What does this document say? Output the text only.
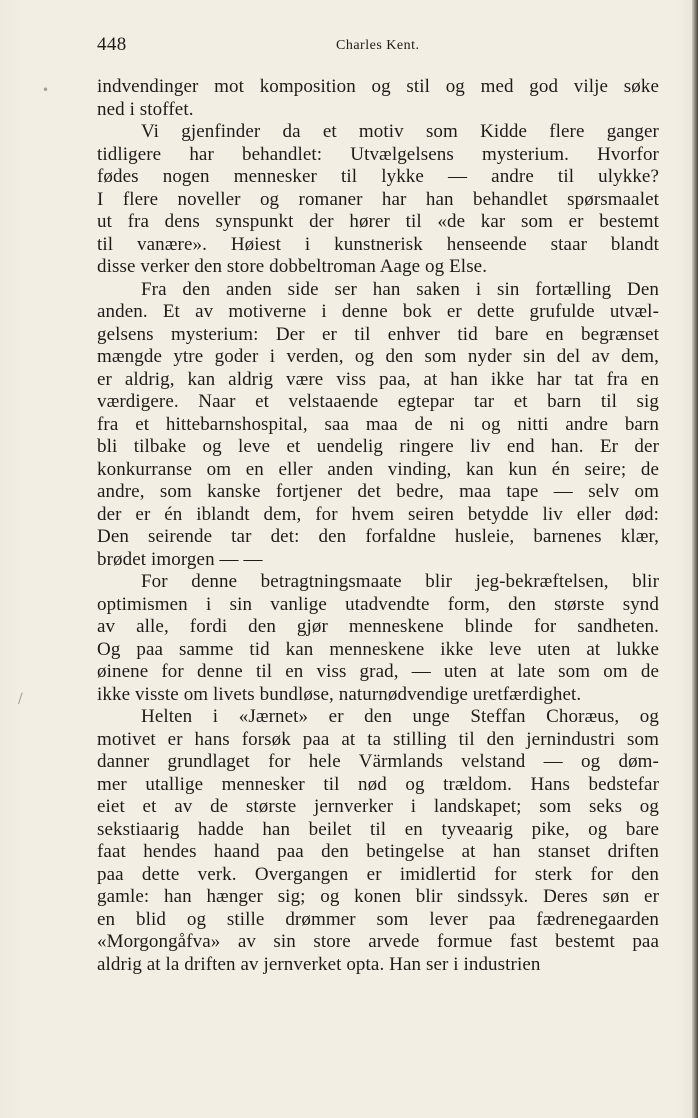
448	Charles Kent.
•
/
indvendinger mot komposition og stil og med god vilje søke
ned i stoffet.
Vi gjenfinder da et motiv som Kidde flere ganger
tidligere har behandlet: Utvælgelsens mysterium. Hvorfor
fødes nogen mennesker til lykke — andre til ulykke?
I flere noveller og romaner har han behandlet spørsmaalet
ut fra dens synspunkt der hører til «de kar som er bestemt
til vanære». Høiest i kunstnerisk henseende staar blandt
disse verker den store dobbeltroman Aage og Else.
Fra den anden side ser han saken i sin fortælling Den
anden. Et av motiverne i denne bok er dette grufulde utvæl-
gelsens mysterium: Der er til enhver tid bare en begrænset
mængde ytre goder i verden, og den som nyder sin del av dem,
er aldrig, kan aldrig være viss paa, at han ikke har tat fra en
værdigere. Naar et velstaaende egtepar tar et barn til sig
fra et hittebarnshospital, saa maa de ni og nitti andre barn
bli tilbake og leve et uendelig ringere liv end han. Er der
konkurranse om en eller anden vinding, kan kun én seire; de
andre, som kanske fortjener det bedre, maa tape — selv om
der er én iblandt dem, for hvem seiren betydde liv eller død:
Den seirende tar det: den forfaldne husleie, barnenes klær,
brødet imorgen — —
For denne betragtningsmaate blir jeg-bekræftelsen, blir
optimismen i sin vanlige utadvendte form, den største synd
av alle, fordi den gjør menneskene blinde for sandheten.
Og paa samme tid kan menneskene ikke leve uten at lukke
øinene for denne til en viss grad, — uten at late som om de
ikke visste om livets bundløse, naturnødvendige uretfærdighet.
Helten i «Jærnet» er den unge Steffan Choræus, og
motivet er hans forsøk paa at ta stilling til den jernindustri som
danner grundlaget for hele Värmlands velstand — og døm-
mer utallige mennesker til nød og trældom. Hans bedstefar
eiet et av de største jernverker i landskapet; som seks og
sekstiaarig hadde han beilet til en tyveaarig pike, og bare
faat hendes haand paa den betingelse at han stanset driften
paa dette verk. Overgangen er imidlertid for sterk for den
gamle: han hænger sig; og konen blir sindssyk. Deres søn er
en blid og stille drømmer som lever paa fædrenegaarden
«Morgongåfva» av sin store arvede formue fast bestemt paa
aldrig at la driften av jernverket opta. Han ser i industrien
